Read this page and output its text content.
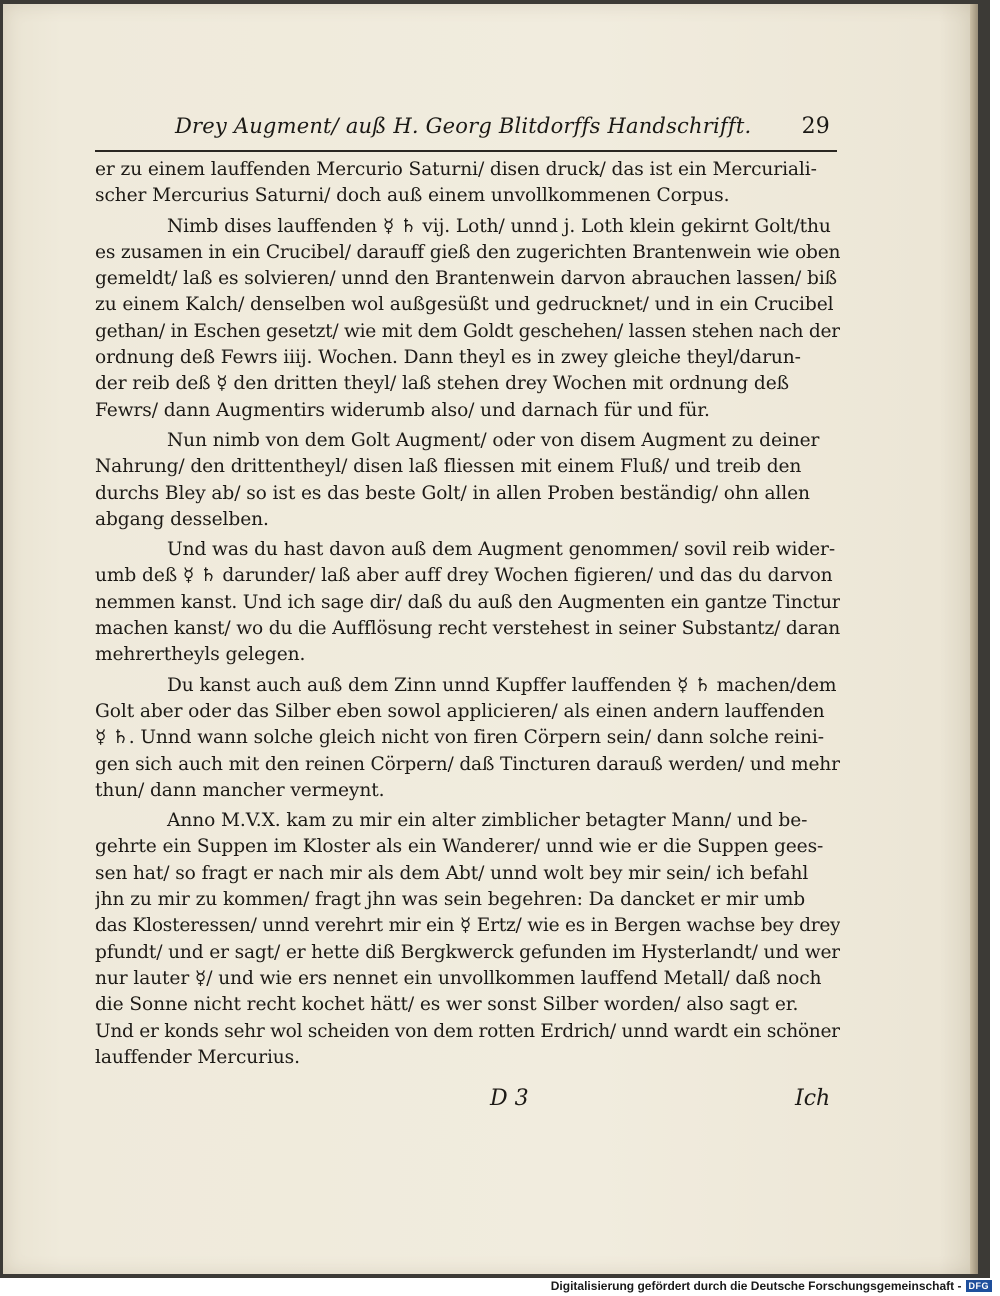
Drey Augment/ auß H. Georg Blitdorffs Handschrifft. 29
er zu einem lauffenden Mercurio Saturni/ disen druck/ das ist ein Mercuriali-
scher Mercurius Saturni/ doch auß einem unvollkommenen Corpus.
Nimb dises lauffenden ☿ ♄ vij. Loth/ unnd j. Loth klein gekirnt Golt/thu
es zusamen in ein Crucibel/ darauff gieß den zugerichten Brantenwein wie oben
gemeldt/ laß es solvieren/ unnd den Brantenwein darvon abrauchen lassen/ biß
zu einem Kalch/ denselben wol außgesüßt und gedrucknet/ und in ein Crucibel
gethan/ in Eschen gesetzt/ wie mit dem Goldt geschehen/ lassen stehen nach der
ordnung deß Fewrs iiij. Wochen. Dann theyl es in zwey gleiche theyl/darun-
der reib deß ☿ den dritten theyl/ laß stehen drey Wochen mit ordnung deß
Fewrs/ dann Augmentirs widerumb also/ und darnach für und für.
Nun nimb von dem Golt Augment/ oder von disem Augment zu deiner
Nahrung/ den drittentheyl/ disen laß fliessen mit einem Fluß/ und treib den
durchs Bley ab/ so ist es das beste Golt/ in allen Proben beständig/ ohn allen
abgang desselben.
Und was du hast davon auß dem Augment genommen/ sovil reib wider-
umb deß ☿ ♄ darunder/ laß aber auff drey Wochen figieren/ und das du darvon
nemmen kanst. Und ich sage dir/ daß du auß den Augmenten ein gantze Tinctur
machen kanst/ wo du die Aufflösung recht verstehest in seiner Substantz/ daran
mehrertheyls gelegen.
Du kanst auch auß dem Zinn unnd Kupffer lauffenden ☿ ♄ machen/dem
Golt aber oder das Silber eben sowol applicieren/ als einen andern lauffenden
☿ ♄. Unnd wann solche gleich nicht von firen Cörpern sein/ dann solche reini-
gen sich auch mit den reinen Cörpern/ daß Tincturen darauß werden/ und mehr
thun/ dann mancher vermeynt.
Anno M.V.X. kam zu mir ein alter zimblicher betagter Mann/ und be-
gehrte ein Suppen im Kloster als ein Wanderer/ unnd wie er die Suppen gees-
sen hat/ so fragt er nach mir als dem Abt/ unnd wolt bey mir sein/ ich befahl
jhn zu mir zu kommen/ fragt jhn was sein begehren: Da dancket er mir umb
das Klosteressen/ unnd verehrt mir ein ☿ Ertz/ wie es in Bergen wachse bey drey
pfundt/ und er sagt/ er hette diß Bergkwerck gefunden im Hysterlandt/ und wer
nur lauter ☿/ und wie ers nennet ein unvollkommen lauffend Metall/ daß noch
die Sonne nicht recht kochet hätt/ es wer sonst Silber worden/ also sagt er.
Und er konds sehr wol scheiden von dem rotten Erdrich/ unnd wardt ein schöner
lauffender Mercurius.
D 3	Ich
Digitalisierung gefördert durch die Deutsche Forschungsgemeinschaft - DFG
